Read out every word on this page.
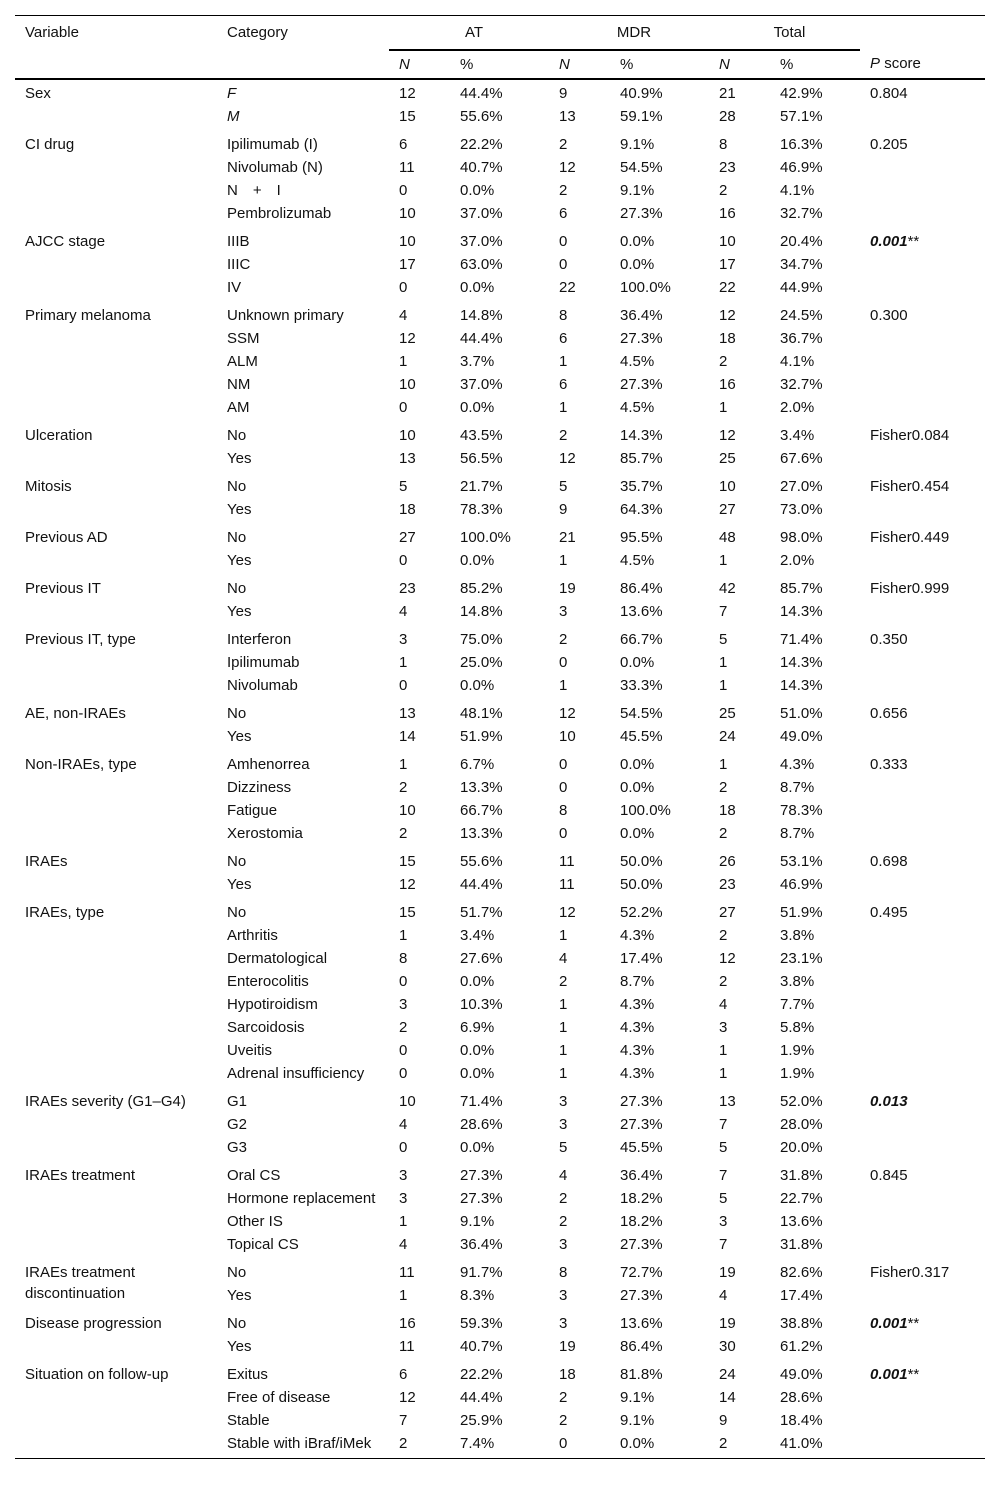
Variable	Category	AT		MDR		Total		
		N	%	N	%	N	%	P score
Sex	F	12	44.4%	9	40.9%	21	42.9%	0.804
	M	15	55.6%	13	59.1%	28	57.1%	
CI drug	Ipilimumab (I)	6	22.2%	2	9.1%	8	16.3%	0.205
	Nivolumab (N)	11	40.7%	12	54.5%	23	46.9%	
	N + I	0	0.0%	2	9.1%	2	4.1%	
	Pembrolizumab	10	37.0%	6	27.3%	16	32.7%	
AJCC stage	IIIB	10	37.0%	0	0.0%	10	20.4%	0.001**
	IIIC	17	63.0%	0	0.0%	17	34.7%	
	IV	0	0.0%	22	100.0%	22	44.9%	
Primary melanoma	Unknown primary	4	14.8%	8	36.4%	12	24.5%	0.300
	SSM	12	44.4%	6	27.3%	18	36.7%	
	ALM	1	3.7%	1	4.5%	2	4.1%	
	NM	10	37.0%	6	27.3%	16	32.7%	
	AM	0	0.0%	1	4.5%	1	2.0%	
Ulceration	No	10	43.5%	2	14.3%	12	3.4%	Fisher0.084
	Yes	13	56.5%	12	85.7%	25	67.6%	
Mitosis	No	5	21.7%	5	35.7%	10	27.0%	Fisher0.454
	Yes	18	78.3%	9	64.3%	27	73.0%	
Previous AD	No	27	100.0%	21	95.5%	48	98.0%	Fisher0.449
	Yes	0	0.0%	1	4.5%	1	2.0%	
Previous IT	No	23	85.2%	19	86.4%	42	85.7%	Fisher0.999
	Yes	4	14.8%	3	13.6%	7	14.3%	
Previous IT, type	Interferon	3	75.0%	2	66.7%	5	71.4%	0.350
	Ipilimumab	1	25.0%	0	0.0%	1	14.3%	
	Nivolumab	0	0.0%	1	33.3%	1	14.3%	
AE, non-IRAEs	No	13	48.1%	12	54.5%	25	51.0%	0.656
	Yes	14	51.9%	10	45.5%	24	49.0%	
Non-IRAEs, type	Amhenorrea	1	6.7%	0	0.0%	1	4.3%	0.333
	Dizziness	2	13.3%	0	0.0%	2	8.7%	
	Fatigue	10	66.7%	8	100.0%	18	78.3%	
	Xerostomia	2	13.3%	0	0.0%	2	8.7%	
IRAEs	No	15	55.6%	11	50.0%	26	53.1%	0.698
	Yes	12	44.4%	11	50.0%	23	46.9%	
IRAEs, type	No	15	51.7%	12	52.2%	27	51.9%	0.495
	Arthritis	1	3.4%	1	4.3%	2	3.8%	
	Dermatological	8	27.6%	4	17.4%	12	23.1%	
	Enterocolitis	0	0.0%	2	8.7%	2	3.8%	
	Hypotiroidism	3	10.3%	1	4.3%	4	7.7%	
	Sarcoidosis	2	6.9%	1	4.3%	3	5.8%	
	Uveitis	0	0.0%	1	4.3%	1	1.9%	
	Adrenal insufficiency	0	0.0%	1	4.3%	1	1.9%	
IRAEs severity (G1–G4)	G1	10	71.4%	3	27.3%	13	52.0%	0.013
	G2	4	28.6%	3	27.3%	7	28.0%	
	G3	0	0.0%	5	45.5%	5	20.0%	
IRAEs treatment	Oral CS	3	27.3%	4	36.4%	7	31.8%	0.845
	Hormone replacement	3	27.3%	2	18.2%	5	22.7%	
	Other IS	1	9.1%	2	18.2%	3	13.6%	
	Topical CS	4	36.4%	3	27.3%	7	31.8%	
IRAEs treatment discontinuation	No	11	91.7%	8	72.7%	19	82.6%	Fisher0.317
	Yes	1	8.3%	3	27.3%	4	17.4%	
Disease progression	No	16	59.3%	3	13.6%	19	38.8%	0.001**
	Yes	11	40.7%	19	86.4%	30	61.2%	
Situation on follow-up	Exitus	6	22.2%	18	81.8%	24	49.0%	0.001**
	Free of disease	12	44.4%	2	9.1%	14	28.6%	
	Stable	7	25.9%	2	9.1%	9	18.4%	
	Stable with iBraf/iMek	2	7.4%	0	0.0%	2	41.0%	
